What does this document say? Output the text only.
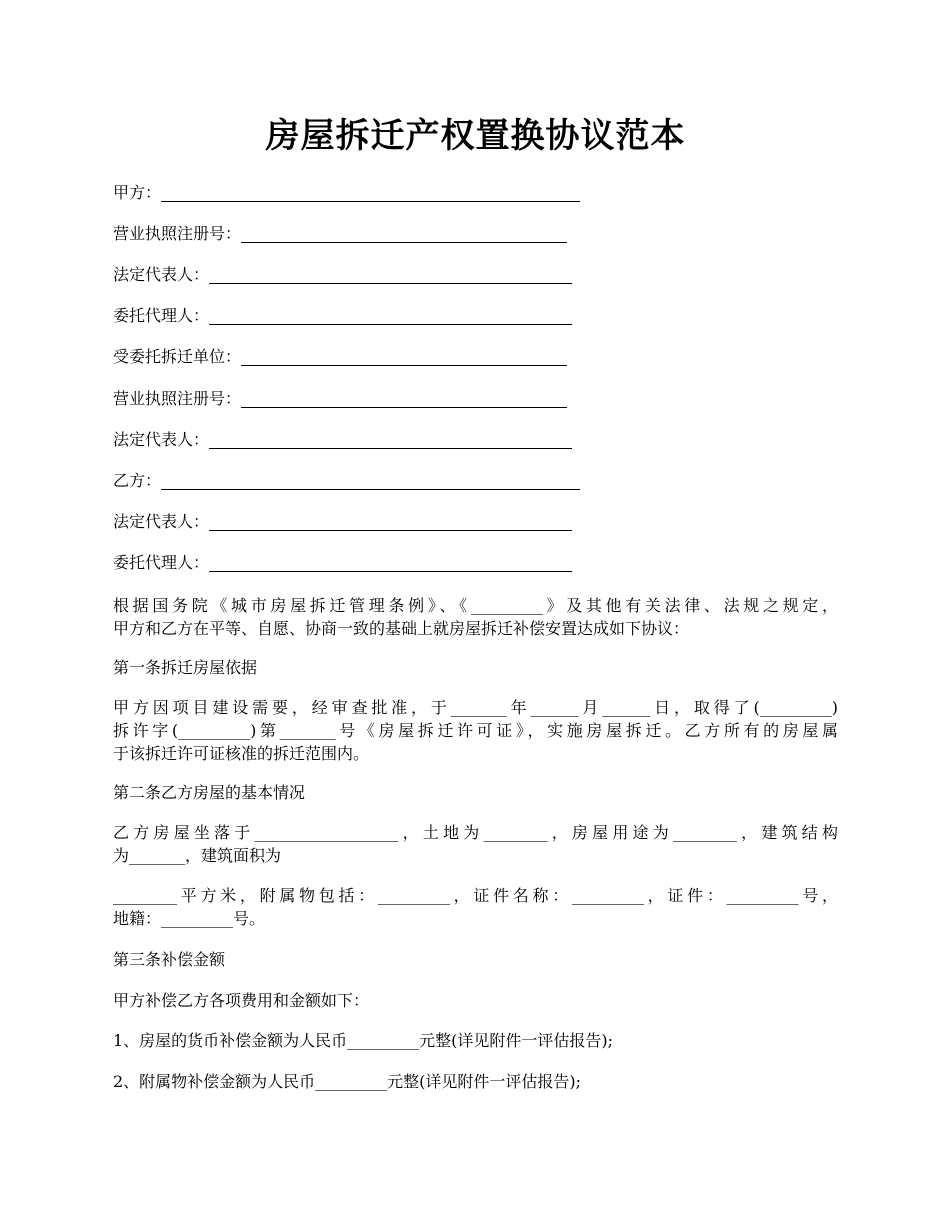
房屋拆迁产权置换协议范本
甲方：
营业执照注册号：
法定代表人：
委托代理人：
受委托拆迁单位：
营业执照注册号：
法定代表人：
乙方：
法定代表人：
委托代理人：
根据国务院《城市房屋拆迁管理条例》、《_________》及其他有关法律、法规之规定，
甲方和乙方在平等、自愿、协商一致的基础上就房屋拆迁补偿安置达成如下协议：
第一条拆迁房屋依据
甲方因项目建设需要，经审查批准，于_______年______月______日，取得了(_________)
拆许字(_________)第_______号《房屋拆迁许可证》，实施房屋拆迁。乙方所有的房屋属
于该拆迁许可证核准的拆迁范围内。
第二条乙方房屋的基本情况
乙方房屋坐落于__________________，土地为________，房屋用途为________，建筑结构
为_______，建筑面积为
________平方米，附属物包括：_________，证件名称：_________，证件：_________号，
地籍：_________号。
第三条补偿金额
甲方补偿乙方各项费用和金额如下：
1、房屋的货币补偿金额为人民币_________元整(详见附件一评估报告);
2、附属物补偿金额为人民币_________元整(详见附件一评估报告);
